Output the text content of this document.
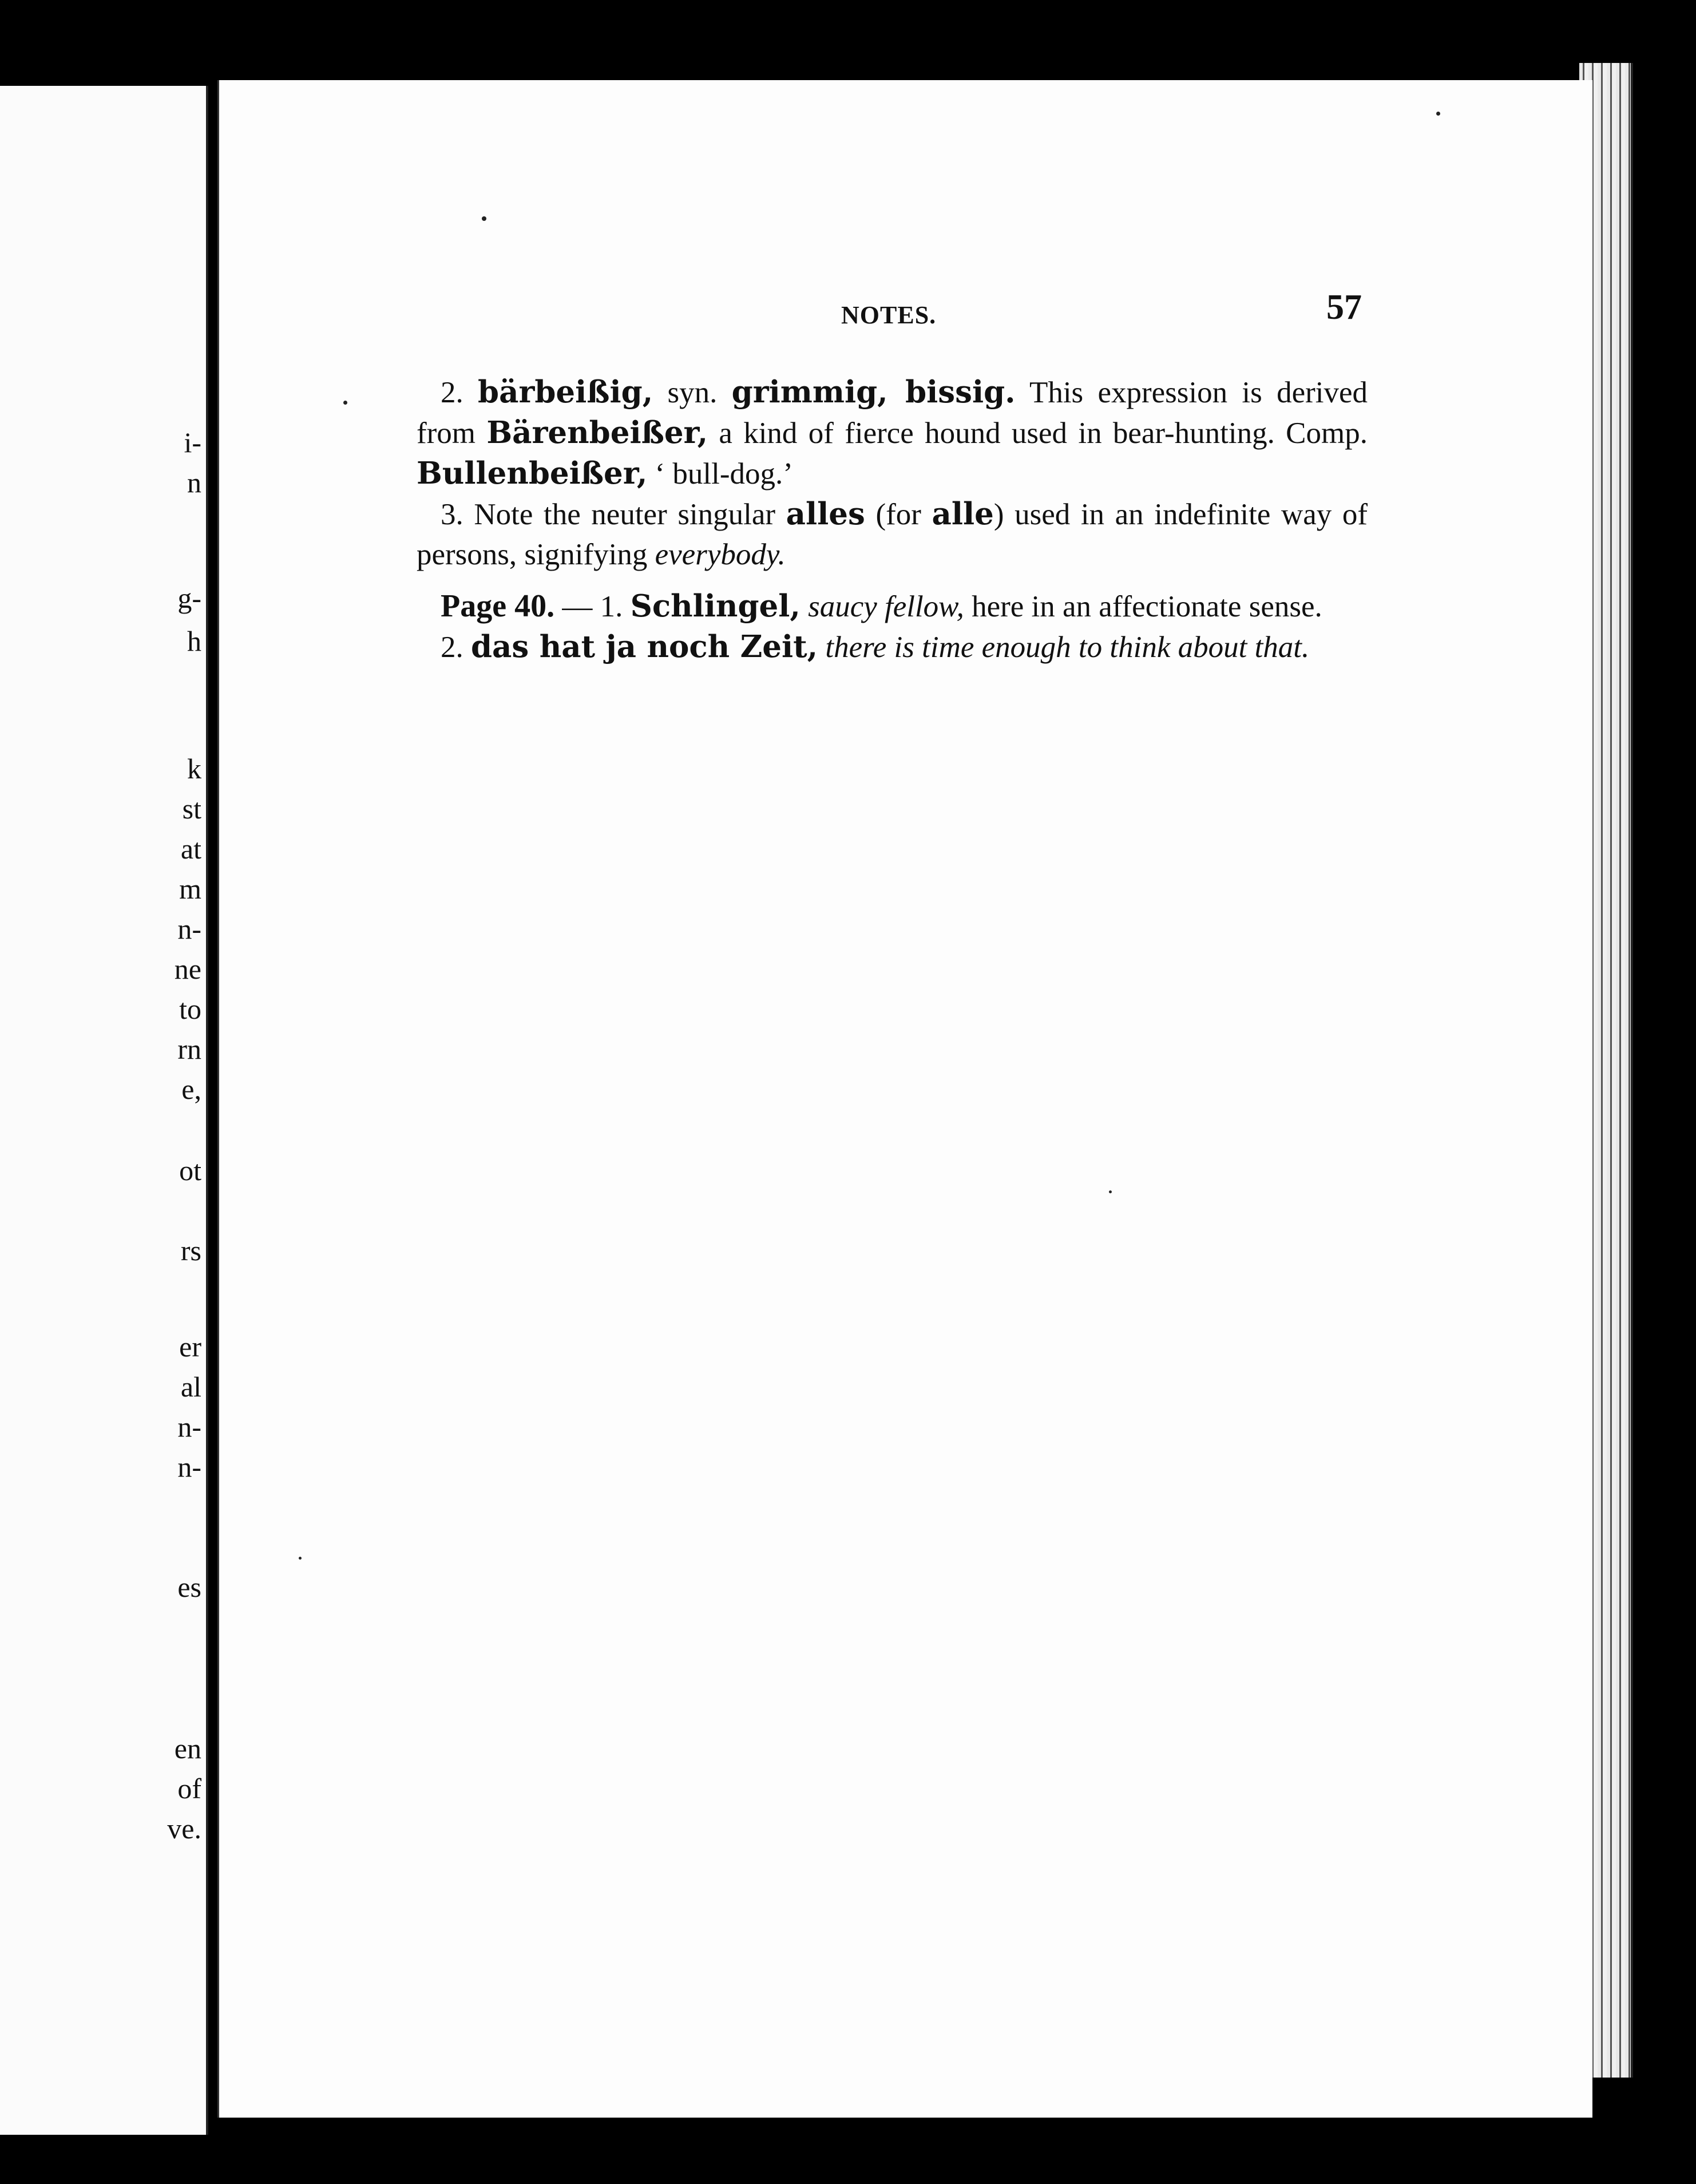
i-
n
g-
h
k
st
at
m
n-
ne
to
rn
e,
ot
rs
er
al
n-
n-
es
en
of
ve.
NOTES.	57

2. bärbeißig, syn. grimmig, bissig. This expression is derived from Bärenbeißer, a kind of fierce hound used in bear-hunting. Comp. Bullenbeißer, ‘ bull-dog.’

3. Note the neuter singular alles (for alle) used in an indefinite way of persons, signifying everybody.

Page 40. — 1. Schlingel, saucy fellow, here in an affectionate sense.

2. das hat ja noch Zeit, there is time enough to think about that.
